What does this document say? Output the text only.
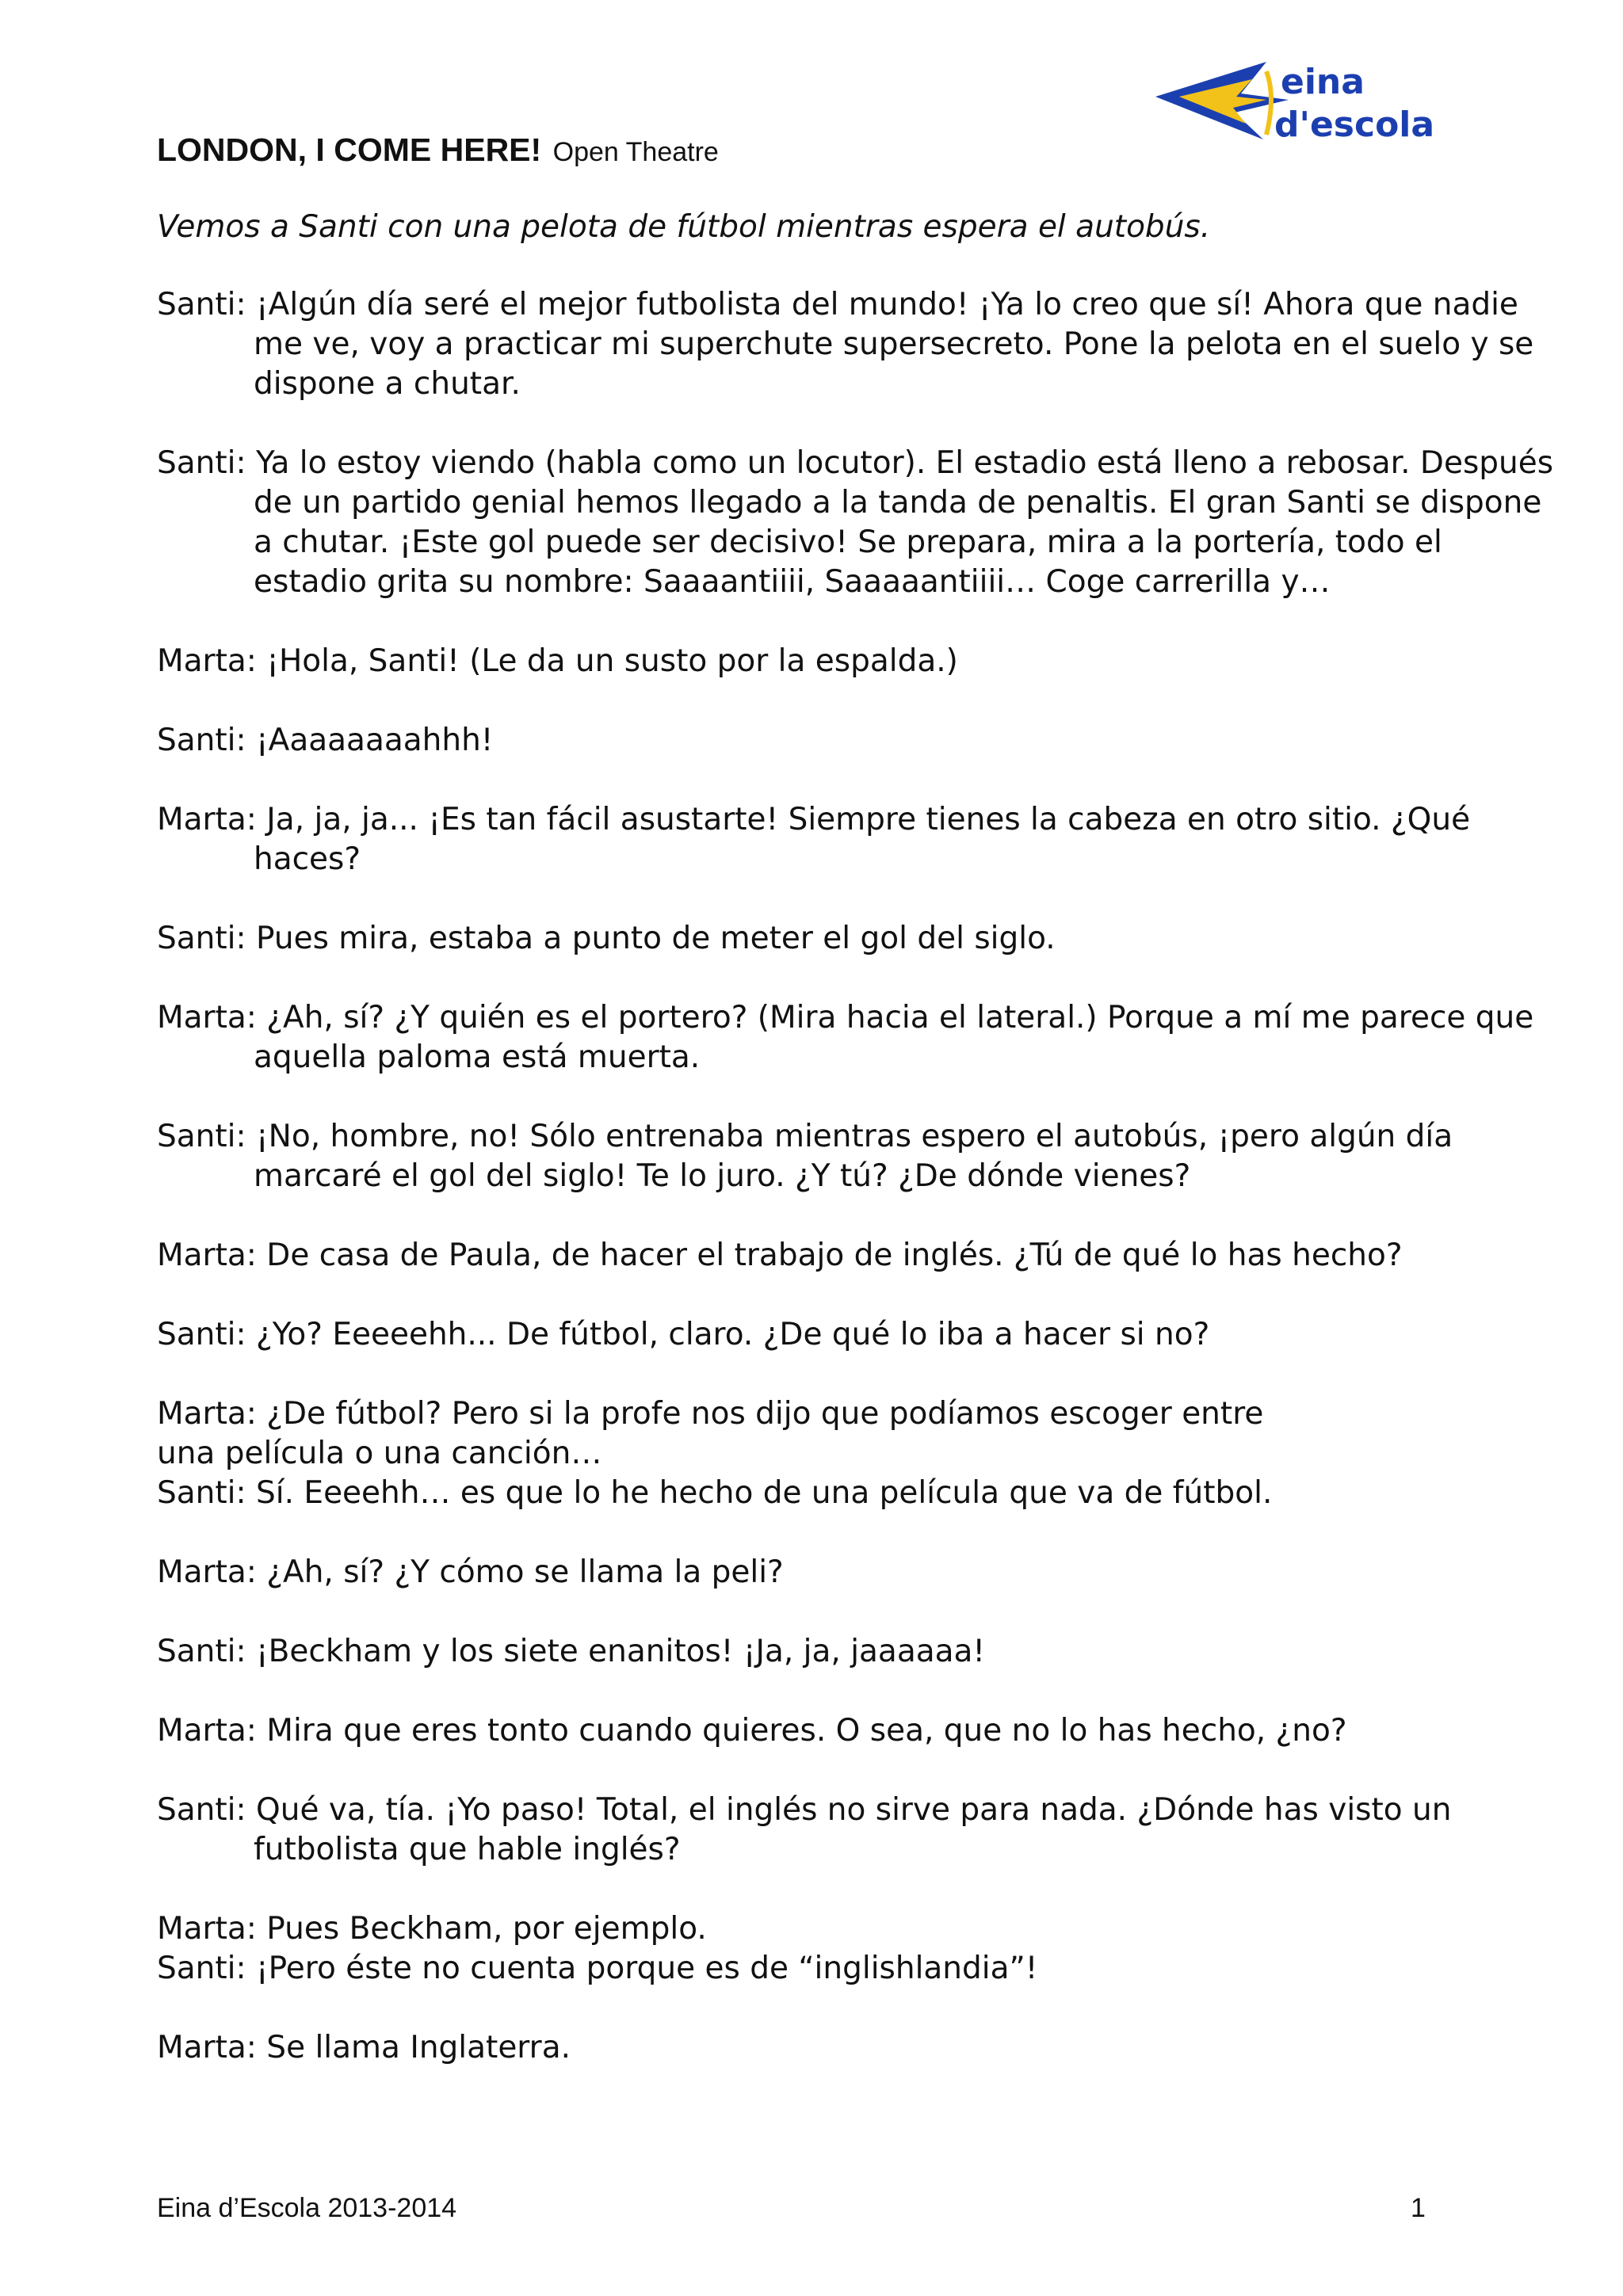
eina
d'escola
LONDON, I COME HERE! Open Theatre
Vemos a Santi con una pelota de fútbol mientras espera el autobús.

Santi: ¡Algún día seré el mejor futbolista del mundo! ¡Ya lo creo que sí! Ahora que nadie me ve, voy a practicar mi superchute supersecreto. Pone la pelota en el suelo y se dispone a chutar.

Santi: Ya lo estoy viendo (habla como un locutor). El estadio está lleno a rebosar. Después de un partido genial hemos llegado a la tanda de penaltis. El gran Santi se dispone a chutar. ¡Este gol puede ser decisivo! Se prepara, mira a la portería, todo el estadio grita su nombre: Saaaantiiii, Saaaaantiiii… Coge carrerilla y…

Marta: ¡Hola, Santi! (Le da un susto por la espalda.)

Santi: ¡Aaaaaaaahhh!

Marta: Ja, ja, ja... ¡Es tan fácil asustarte! Siempre tienes la cabeza en otro sitio. ¿Qué haces?

Santi: Pues mira, estaba a punto de meter el gol del siglo.

Marta: ¿Ah, sí? ¿Y quién es el portero? (Mira hacia el lateral.) Porque a mí me parece que aquella paloma está muerta.

Santi: ¡No, hombre, no! Sólo entrenaba mientras espero el autobús, ¡pero algún día marcaré el gol del siglo! Te lo juro. ¿Y tú? ¿De dónde vienes?

Marta: De casa de Paula, de hacer el trabajo de inglés. ¿Tú de qué lo has hecho?

Santi: ¿Yo? Eeeeehh... De fútbol, claro. ¿De qué lo iba a hacer si no?

Marta: ¿De fútbol? Pero si la profe nos dijo que podíamos escoger entre

una película o una canción…

Santi: Sí. Eeeehh… es que lo he hecho de una película que va de fútbol.

Marta: ¿Ah, sí? ¿Y cómo se llama la peli?

Santi: ¡Beckham y los siete enanitos! ¡Ja, ja, jaaaaaa!

Marta: Mira que eres tonto cuando quieres. O sea, que no lo has hecho, ¿no?

Santi: Qué va, tía. ¡Yo paso! Total, el inglés no sirve para nada. ¿Dónde has visto un futbolista que hable inglés?

Marta: Pues Beckham, por ejemplo.

Santi: ¡Pero éste no cuenta porque es de “inglishlandia”!

Marta: Se llama Inglaterra.

Eina d’Escola 2013-2014	1
